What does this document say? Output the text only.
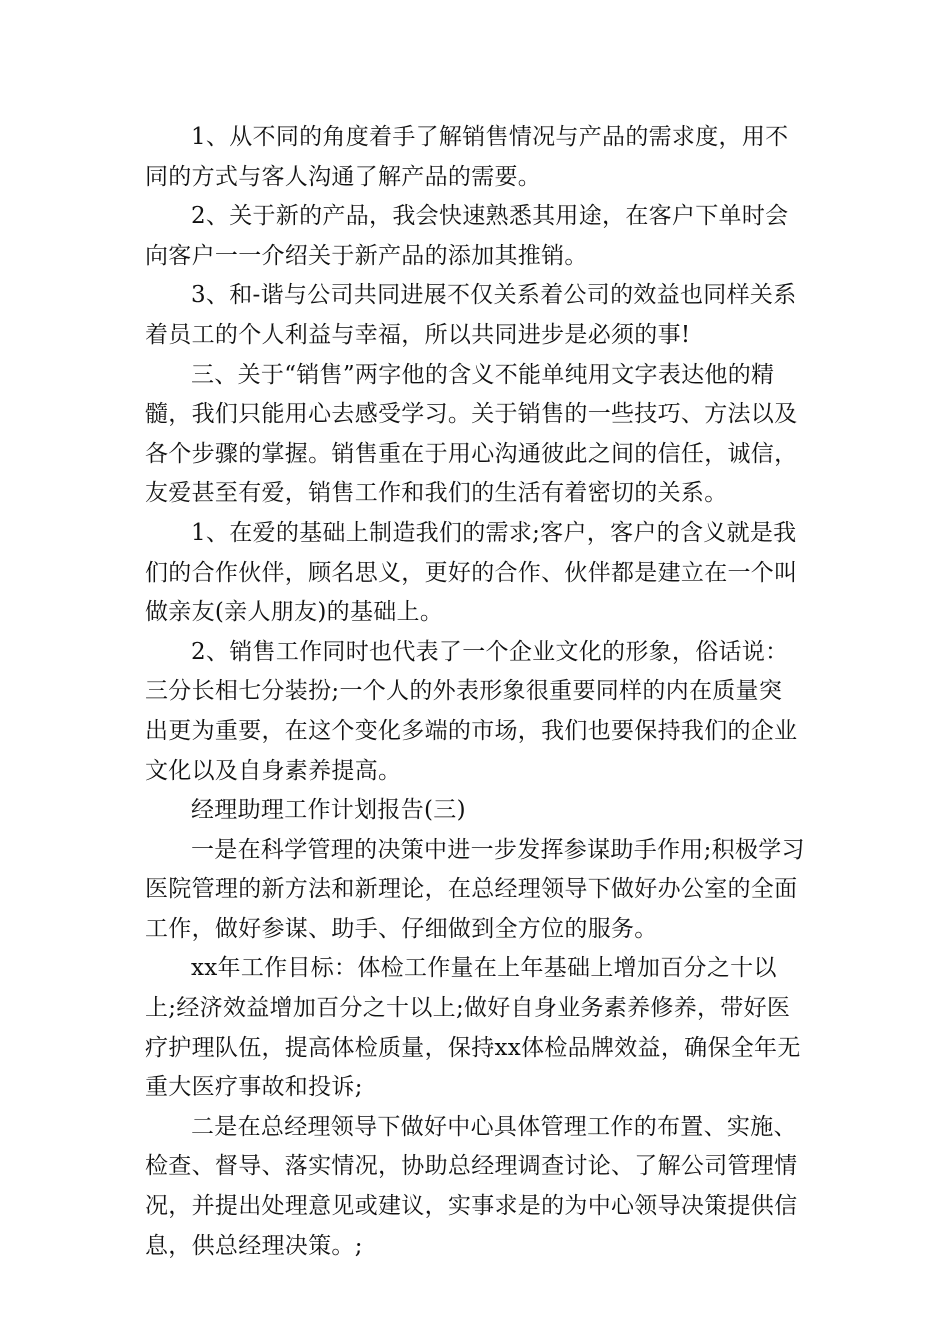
1、从不同的角度着手了解销售情况与产品的需求度，用不同的方式与客人沟通了解产品的需要。

2、关于新的产品，我会快速熟悉其用途，在客户下单时会向客户一一介绍关于新产品的添加其推销。

3、和-谐与公司共同进展不仅关系着公司的效益也同样关系着员工的个人利益与幸福，所以共同进步是必须的事!

三、关于“销售”两字他的含义不能单纯用文字表达他的精髓，我们只能用心去感受学习。关于销售的一些技巧、方法以及各个步骤的掌握。销售重在于用心沟通彼此之间的信任，诚信，友爱甚至有爱，销售工作和我们的生活有着密切的关系。

1、在爱的基础上制造我们的需求;客户，客户的含义就是我们的合作伙伴，顾名思义，更好的合作、伙伴都是建立在一个叫做亲友(亲人朋友)的基础上。

2、销售工作同时也代表了一个企业文化的形象，俗话说：三分长相七分装扮;一个人的外表形象很重要同样的内在质量突出更为重要，在这个变化多端的市场，我们也要保持我们的企业文化以及自身素养提高。

经理助理工作计划报告(三)

一是在科学管理的决策中进一步发挥参谋助手作用;积极学习医院管理的新方法和新理论，在总经理领导下做好办公室的全面工作，做好参谋、助手、仔细做到全方位的服务。

xx年工作目标：体检工作量在上年基础上增加百分之十以上;经济效益增加百分之十以上;做好自身业务素养修养，带好医疗护理队伍，提高体检质量，保持xx体检品牌效益，确保全年无重大医疗事故和投诉;

二是在总经理领导下做好中心具体管理工作的布置、实施、检查、督导、落实情况，协助总经理调查讨论、了解公司管理情况，并提出处理意见或建议，实事求是的为中心领导决策提供信息，供总经理决策。;
